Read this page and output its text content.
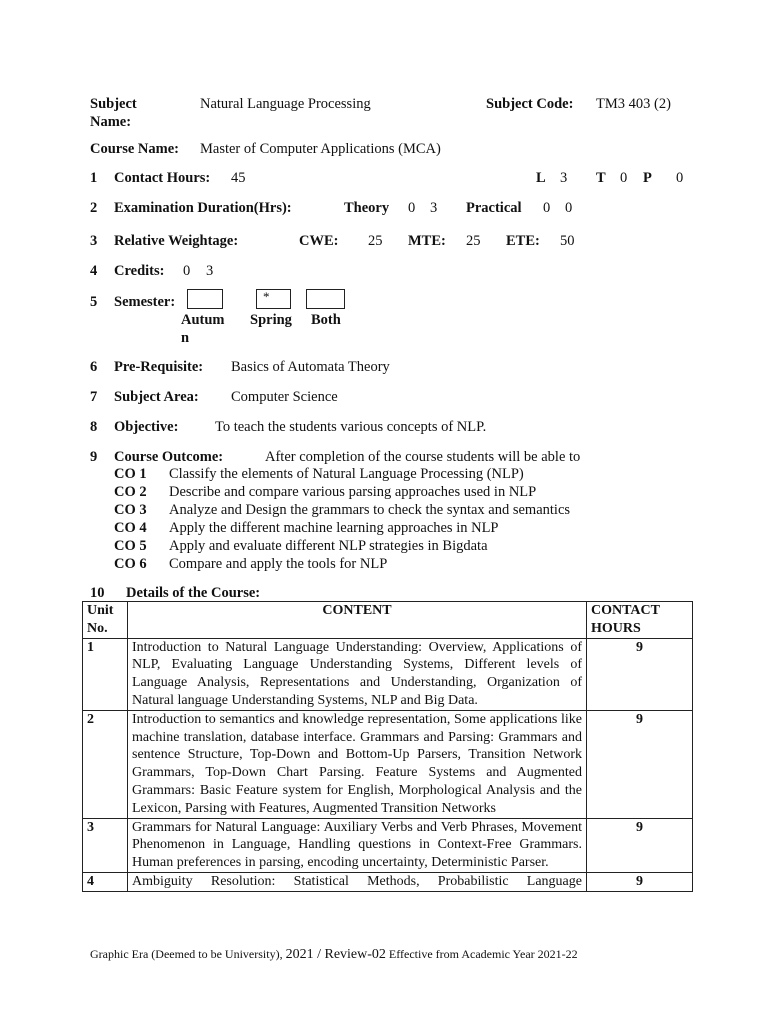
Subject
Name:
Natural Language Processing	Subject Code: TM3 403 (2)
Course Name: Master of Computer Applications (MCA)
1 Contact Hours: 45	L 3 T 0 P 0
2 Examination Duration(Hrs):	Theory 0 3 Practical 0 0
3 Relative Weightage:	CWE: 25 MTE: 25 ETE: 50
4 Credits: 0 3
5 Semester:	*
Autum
n
Spring Both
6 Pre-Requisite: Basics of Automata Theory
7 Subject Area: Computer Science
8 Objective:	To teach the students various concepts of NLP.
9 Course Outcome:	After completion of the course students will be able to
CO 1 Classify the elements of Natural Language Processing (NLP)
CO 2 Describe and compare various parsing approaches used in NLP
CO 3 Analyze and Design the grammars to check the syntax and semantics
CO 4 Apply the different machine learning approaches in NLP
CO 5 Apply and evaluate different NLP strategies in Bigdata
CO 6 Compare and apply the tools for NLP
10 Details of the Course:
Unit
No.	CONTENT	CONTACT
HOURS
1	Introduction to Natural Language Understanding: Overview, Applications of NLP, Evaluating Language Understanding Systems, Different levels of Language Analysis, Representations and Understanding, Organization of Natural language Understanding Systems, NLP and Big Data.	9
2	Introduction to semantics and knowledge representation, Some applications like machine translation, database interface. Grammars and Parsing: Grammars and sentence Structure, Top-Down and Bottom-Up Parsers, Transition Network Grammars, Top-Down Chart Parsing. Feature Systems and Augmented Grammars: Basic Feature system for English, Morphological Analysis and the Lexicon, Parsing with Features, Augmented Transition Networks	9
3	Grammars for Natural Language: Auxiliary Verbs and Verb Phrases, Movement Phenomenon in Language, Handling questions in Context-Free Grammars. Human preferences in parsing, encoding uncertainty, Deterministic Parser.	9
4	Ambiguity Resolution: Statistical Methods, Probabilistic Language	9
Graphic Era (Deemed to be University), 2021 / Review-02 Effective from Academic Year 2021-22
